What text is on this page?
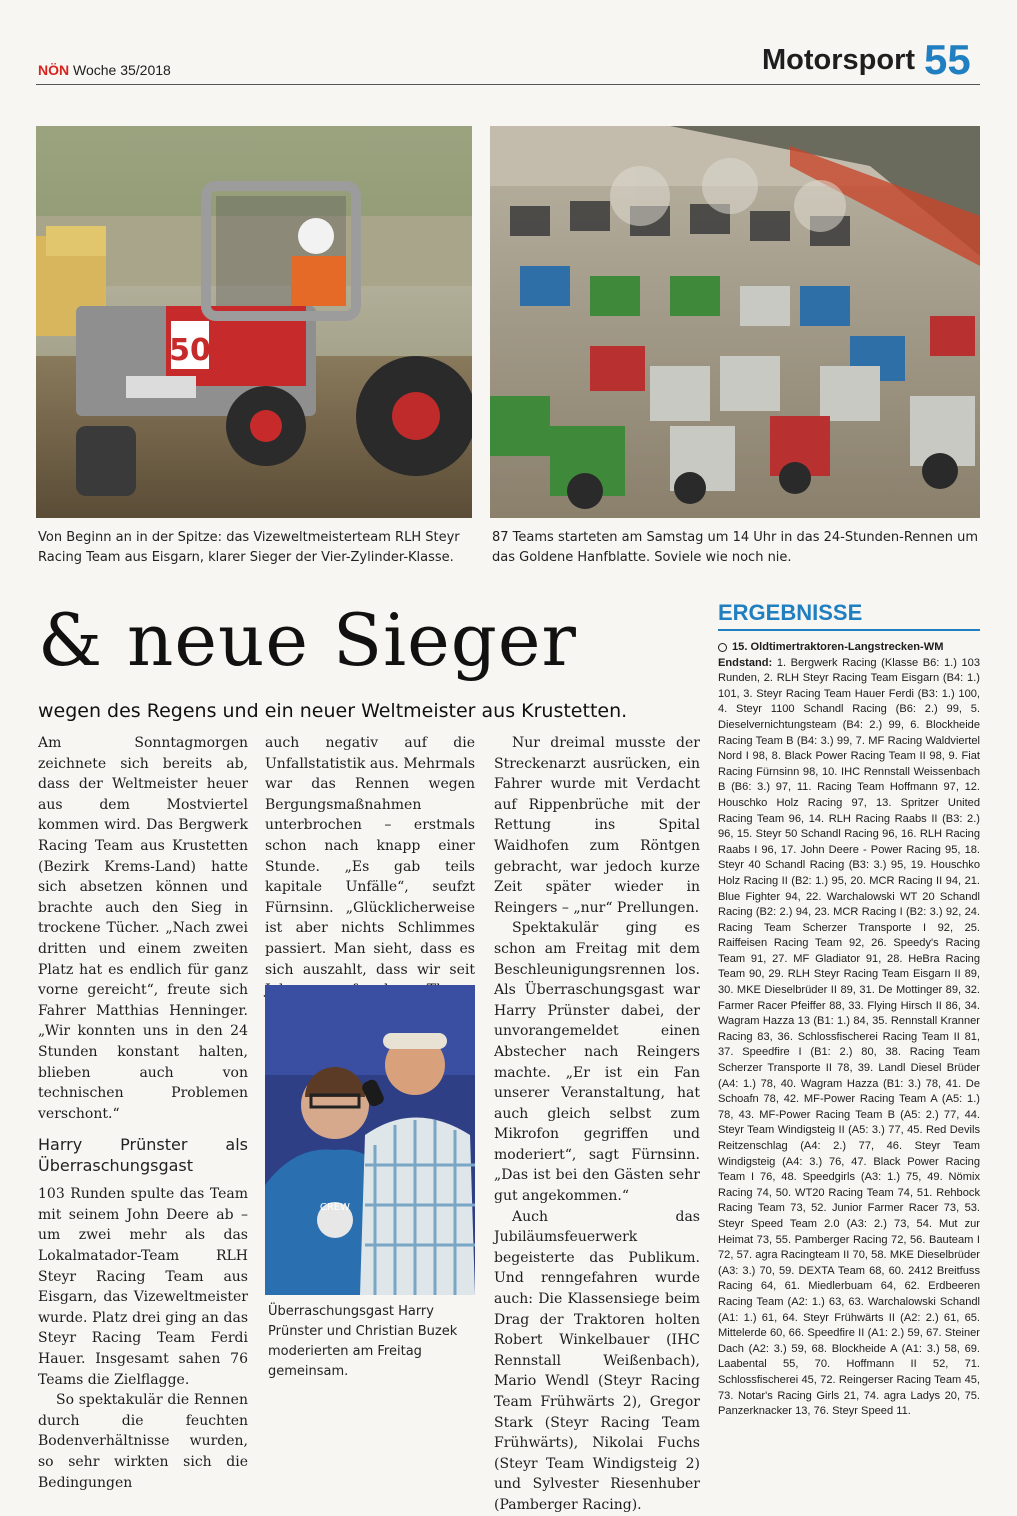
NÖN Woche 35/2018	Motorsport 55
50
Von Beginn an in der Spitze: das Vizeweltmeisterteam RLH Steyr Racing Team aus Eisgarn, klarer Sieger der Vier-Zylinder-Klasse.
87 Teams starteten am Samstag um 14 Uhr in das 24-Stunden-Rennen um das Goldene Hanfblatte. Soviele wie noch nie.
& neue Sieger
wegen des Regens und ein neuer Weltmeister aus Krustetten.

Am Sonntagmorgen zeichnete sich bereits ab, dass der Weltmeister heuer aus dem Mostviertel kommen wird. Das Bergwerk Racing Team aus Krustetten (Bezirk Krems-Land) hatte sich absetzen können und brachte auch den Sieg in trockene Tücher. „Nach zwei dritten und einem zweiten Platz hat es endlich für ganz vorne gereicht“, freute sich Fahrer Matthias Henninger. „Wir konnten uns in den 24 Stunden konstant halten, blieben auch von technischen Problemen verschont.“

Harry Prünster als Überraschungsgast

103 Runden spulte das Team mit seinem John Deere ab – um zwei mehr als das Lokalmatador-Team RLH Steyr Racing Team aus Eisgarn, das Vizeweltmeister wurde. Platz drei ging an das Steyr Racing Team Ferdi Hauer. Insgesamt sahen 76 Teams die Zielflagge.

So spektakulär die Rennen durch die feuchten Bodenverhältnisse wurden, so sehr wirkten sich die Bedingungen

auch negativ auf die Unfallstatistik aus. Mehrmals war das Rennen wegen Bergungsmaßnahmen unterbrochen – erstmals schon nach knapp einer Stunde. „Es gab teils kapitale Unfälle“, seufzt Fürnsinn. „Glücklicherweise ist aber nichts Schlimmes passiert. Man sieht, dass es sich auszahlt, dass wir seit

CREW
Überraschungsgast Harry Prünster und Christian Buzek moderierten am Freitag gemeinsam.

Nur dreimal musste der Streckenarzt ausrücken, ein Fahrer wurde mit Verdacht auf Rippenbrüche mit der Rettung ins Spital Waidhofen zum Röntgen gebracht, war jedoch kurze Zeit später wieder in Reingers – „nur“ Prellungen.

Spektakulär ging es schon am Freitag mit dem Beschleunigungsrennen los. Als Überraschungsgast war Harry Prünster dabei, der unvorangemeldet einen Abstecher nach Reingers machte. „Er ist ein Fan unserer Veranstaltung, hat auch gleich selbst zum Mikrofon gegriffen und moderiert“, sagt Fürnsinn. „Das ist bei den Gästen sehr gut angekommen.“

Auch das Jubiläumsfeuerwerk begeisterte das Publikum. Und renngefahren wurde auch: Die Klassensiege beim Drag der Traktoren holten Robert Winkelbauer (IHC Rennstall Weißenbach), Mario Wendl (Steyr Racing Team Frühwärts 2), Gregor Stark (Steyr Racing Team Frühwärts), Nikolai Fuchs (Steyr Team Windigsteig 2) und Sylvester Riesenhuber (Pamberger Racing).

ERGEBNISSE
15. Oldtimertraktoren-Langstrecken-WM
Endstand: 1. Bergwerk Racing (Klasse B6: 1.) 103 Runden, 2. RLH Steyr Racing Team Eisgarn (B4: 1.) 101, 3. Steyr Racing Team Hauer Ferdi (B3: 1.) 100, 4. Steyr 1100 Schandl Racing (B6: 2.) 99, 5. Dieselvernichtungsteam (B4: 2.) 99, 6. Blockheide Racing Team B (B4: 3.) 99, 7. MF Racing Waldviertel Nord I 98, 8. Black Power Racing Team II 98, 9. Fiat Racing Fürnsinn 98, 10. IHC Rennstall Weissenbach B (B6: 3.) 97, 11. Racing Team Hoffmann 97, 12. Houschko Holz Racing 97, 13. Spritzer United Racing Team 96, 14. RLH Racing Raabs II (B3: 2.) 96, 15. Steyr 50 Schandl Racing 96, 16. RLH Racing Raabs I 96, 17. John Deere - Power Racing 95, 18. Steyr 40 Schandl Racing (B3: 3.) 95, 19. Houschko Holz Racing II (B2: 1.) 95, 20. MCR Racing II 94, 21. Blue Fighter 94, 22. Warchalowski WT 20 Schandl Racing (B2: 2.) 94, 23. MCR Racing I (B2: 3.) 92, 24. Racing Team Scherzer Transporte I 92, 25. Raiffeisen Racing Team 92, 26. Speedy's Racing Team 91, 27. MF Gladiator 91, 28. HeBra Racing Team 90, 29. RLH Steyr Racing Team Eisgarn II 89, 30. MKE Dieselbrüder II 89, 31. De Mottinger 89, 32. Farmer Racer Pfeiffer 88, 33. Flying Hirsch II 86, 34. Wagram Hazza 13 (B1: 1.) 84, 35. Rennstall Kranner Racing 83, 36. Schlossfischerei Racing Team II 81, 37. Speedfire I (B1: 2.) 80, 38. Racing Team Scherzer Transporte II 78, 39. Landl Diesel Brüder (A4: 1.) 78, 40. Wagram Hazza (B1: 3.) 78, 41. De Schoafn 78, 42. MF-Power Racing Team A (A5: 1.) 78, 43. MF-Power Racing Team B (A5: 2.) 77, 44. Steyr Team Windigsteig II (A5: 3.) 77, 45. Red Devils Reitzenschlag (A4: 2.) 77, 46. Steyr Team Windigsteig (A4: 3.) 76, 47. Black Power Racing Team I 76, 48. Speedgirls (A3: 1.) 75, 49. Nömix Racing 74, 50. WT20 Racing Team 74, 51. Rehbock Racing Team 73, 52. Junior Farmer Racer 73, 53. Steyr Speed Team 2.0 (A3: 2.) 73, 54. Mut zur Heimat 73, 55. Pamberger Racing 72, 56. Bauteam I 72, 57. agra Racingteam II 70, 58. MKE Dieselbrüder (A3: 3.) 70, 59. DEXTA Team 68, 60. 2412 Breitfuss Racing 64, 61. Miedlerbuam 64, 62. Erdbeeren Racing Team (A2: 1.) 63, 63. Warchalowski Schandl (A1: 1.) 61, 64. Steyr Frühwärts II (A2: 2.) 61, 65. Mittelerde 60, 66. Speedfire II (A1: 2.) 59, 67. Steiner Dach (A2: 3.) 59, 68. Blockheide A (A1: 3.) 58, 69. Laabental 55, 70. Hoffmann II 52, 71. Schlossfischerei 45, 72. Reingerser Racing Team 45, 73. Notar's Racing Girls 21, 74. agra Ladys 20, 75. Panzerknacker 13, 76. Steyr Speed 11.
